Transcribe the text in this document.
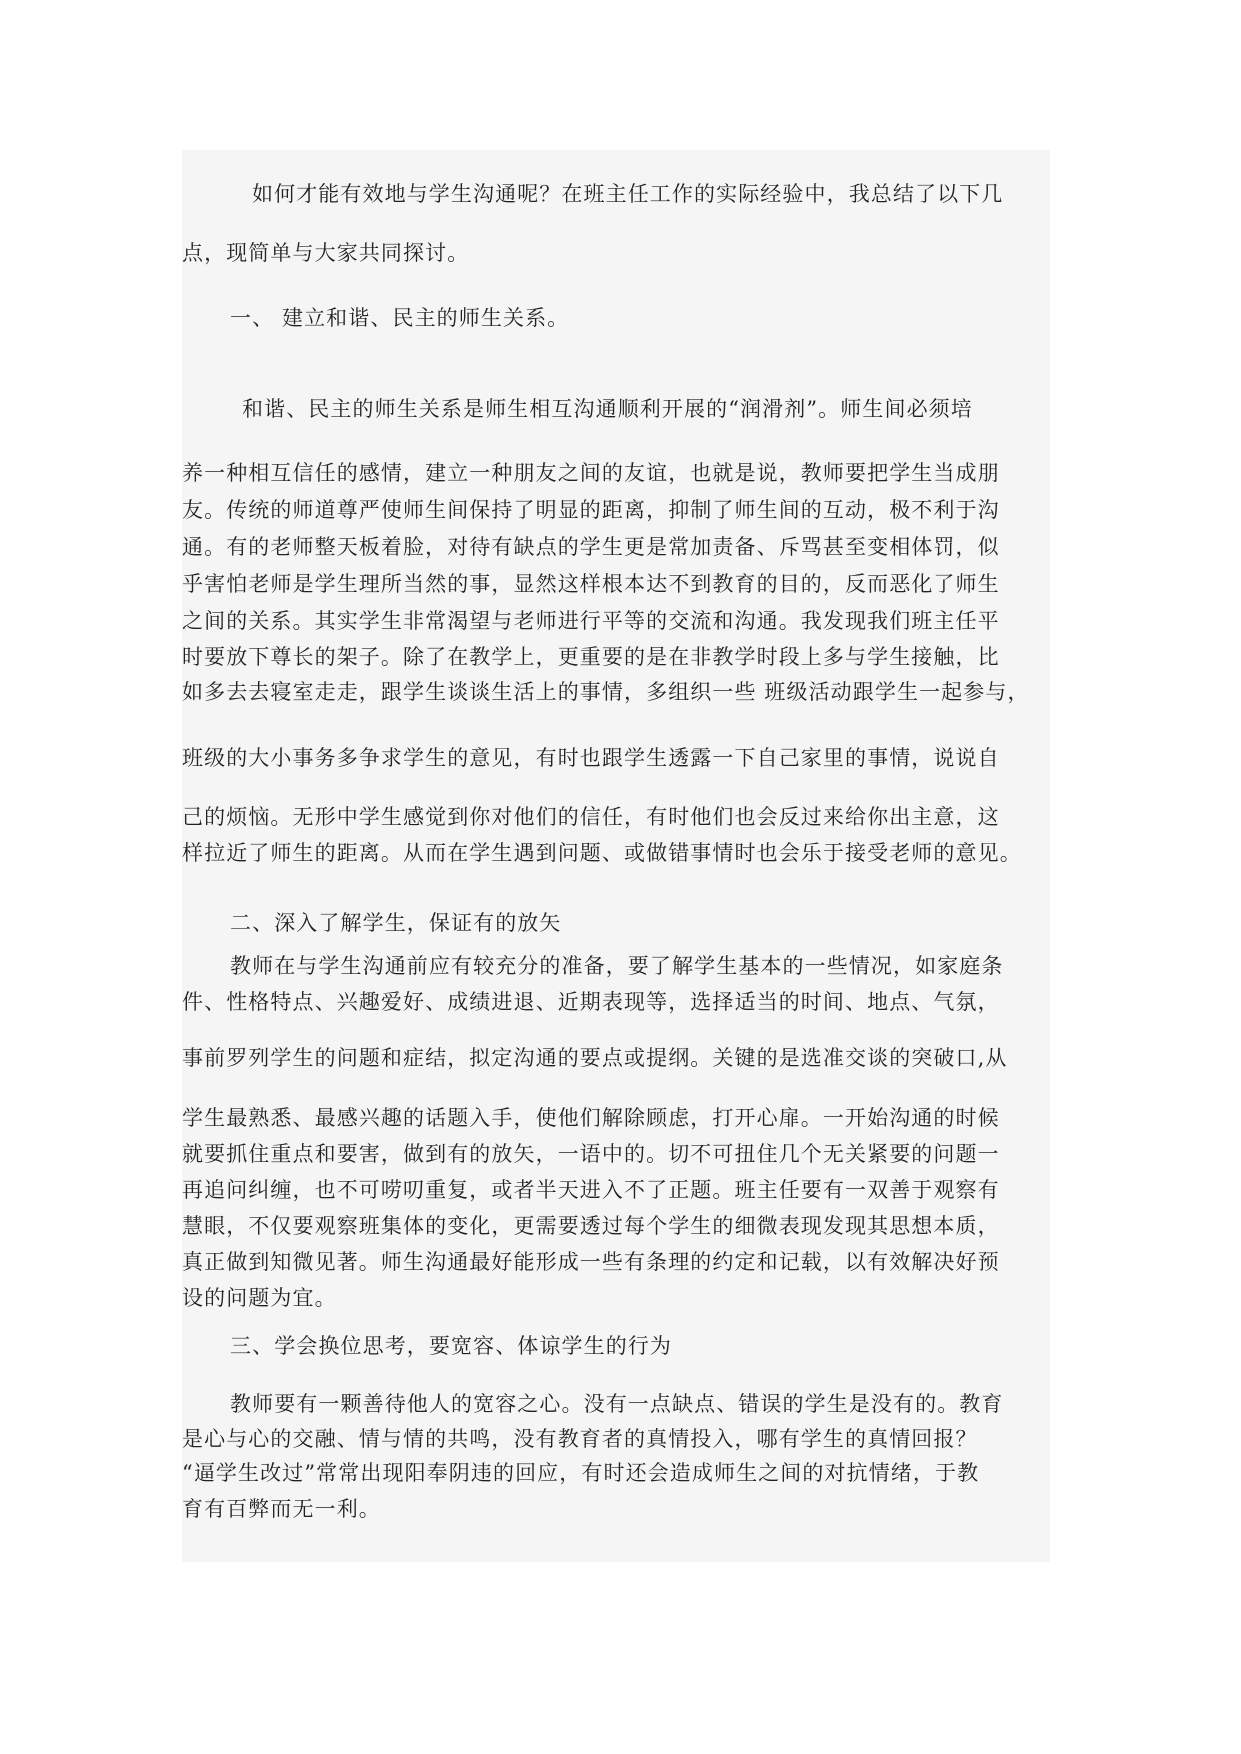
如何才能有效地与学生沟通呢？在班主任工作的实际经验中，我总结了以下几
点，现简单与大家共同探讨。
一、 建立和谐、民主的师生关系。
和谐、民主的师生关系是师生相互沟通顺利开展的“润滑剂”。师生间必须培
养一种相互信任的感情，建立一种朋友之间的友谊，也就是说，教师要把学生当成朋
友。传统的师道尊严使师生间保持了明显的距离，抑制了师生间的互动，极不利于沟
通。有的老师整天板着脸，对待有缺点的学生更是常加责备、斥骂甚至变相体罚，似
乎害怕老师是学生理所当然的事，显然这样根本达不到教育的目的，反而恶化了师生
之间的关系。其实学生非常渴望与老师进行平等的交流和沟通。我发现我们班主任平
时要放下尊长的架子。除了在教学上，更重要的是在非教学时段上多与学生接触，比
如多去去寝室走走，跟学生谈谈生活上的事情，多组织一些 班级活动跟学生一起参与，
班级的大小事务多争求学生的意见，有时也跟学生透露一下自己家里的事情，说说自
己的烦恼。无形中学生感觉到你对他们的信任，有时他们也会反过来给你出主意，这
样拉近了师生的距离。从而在学生遇到问题、或做错事情时也会乐于接受老师的意见。
二、深入了解学生，保证有的放矢
教师在与学生沟通前应有较充分的准备，要了解学生基本的一些情况，如家庭条
件、性格特点、兴趣爱好、成绩进退、近期表现等，选择适当的时间、地点、气氛，
事前罗列学生的问题和症结，拟定沟通的要点或提纲。关键的是选准交谈的突破口,从
学生最熟悉、最感兴趣的话题入手，使他们解除顾虑，打开心扉。一开始沟通的时候
就要抓住重点和要害，做到有的放矢，一语中的。切不可扭住几个无关紧要的问题一
再追问纠缠，也不可唠叨重复，或者半天进入不了正题。班主任要有一双善于观察有
慧眼，不仅要观察班集体的变化，更需要透过每个学生的细微表现发现其思想本质，
真正做到知微见著。师生沟通最好能形成一些有条理的约定和记载，以有效解决好预
设的问题为宜。
三、学会换位思考，要宽容、体谅学生的行为
教师要有一颗善待他人的宽容之心。没有一点缺点、错误的学生是没有的。教育
是心与心的交融、情与情的共鸣，没有教育者的真情投入，哪有学生的真情回报？
“逼学生改过”常常出现阳奉阴违的回应，有时还会造成师生之间的对抗情绪，于教
育有百弊而无一利。
